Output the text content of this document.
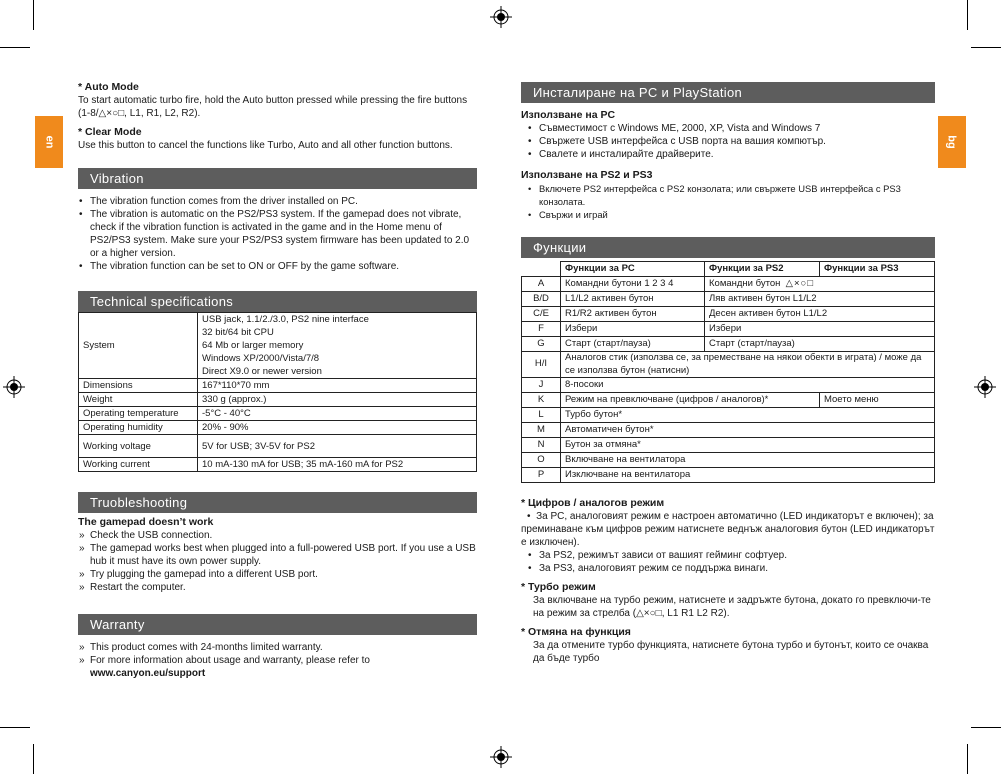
en	bg
* Auto Mode
To start automatic turbo fire, hold the Auto button pressed while pressing the fire buttons (1-8/△×○□, L1, R1, L2, R2).
* Clear Mode
Use this button to cancel the functions like Turbo, Auto and all other function buttons.
Vibration
• The vibration function comes from the driver installed on PC.
• The vibration is automatic on the PS2/PS3 system. If the gamepad does not vibrate, check if the vibration function is activated in the game and in the Home menu of PS2/PS3 system. Make sure your PS2/PS3 system firmware has been updated to 2.0 or a higher version.
• The vibration function can be set to ON or OFF by the game software.
Technical specifications
System	USB jack, 1.1/2./3.0, PS2 nine interface
32 bit/64 bit CPU
64 Mb or larger memory
Windows XP/2000/Vista/7/8
Direct X9.0 or newer version

Dimensions	167*110*70 mm
Weight	330 g (approx.)
Operating temperature	-5°C - 40°C
Operating humidity	20% - 90%
Working voltage	5V for USB; 3V-5V for PS2
Working current	10 mA-130 mA for USB; 35 mA-160 mA for PS2
Truobleshooting
The gamepad doesn’t work
» Check the USB connection.
» The gamepad works best when plugged into a full-powered USB port. If you use a USB hub it must have its own power supply.
» Try plugging the gamepad into a different USB port.
» Restart the computer.
Warranty
» This product comes with 24-months limited warranty.
» For more information about usage and warranty, please refer to
www.canyon.eu/support
Инсталиране на PC и PlayStation
Използване на PC
• Съвместимост с Windows ME, 2000, XP, Vista and Windows 7
• Свържете USB интерфейса с USB порта на вашия компютър.
• Свалете и инсталирайте драйверите.
Използване на PS2 и PS3
• Включете PS2 интерфейса с PS2 конзолата; или свържете USB интерфейса с PS3 конзолата.
• Свържи и играй
Функции
	Функции за PC	Функции за PS2	Функции за PS3
A	Командни бутони 1 2 3 4	Командни бутон △×○□	
B/D	L1/L2 активен бутон	Ляв активен бутон L1/L2	
C/E	R1/R2 активен бутон	Десен активен бутон L1/L2	
F	Избери	Избери	
G	Старт (старт/пауза)	Старт (старт/пауза)	
H/I	Аналогов стик (използва се, за преместване на някои обекти в играта) / може да се използва бутон (натисни)		
J	8-посоки		
K	Режим на превключване (цифров / аналогов)*		Моето меню
L	Турбо бутон*		
M	Автоматичен бутон*		
N	Бутон за отмяна*		
O	Включване на вентилатора		
P	Изключване на вентилатора		
* Цифров / аналогов режим
•  За PC, аналоговият режим е настроен автоматично (LED индикаторът е включен); за преминаване към цифров режим натиснете веднъж аналоговия бутон (LED индикаторът е изключен).
• За PS2, режимът зависи от вашият гейминг софтуер.
• За PS3, аналоговият режим се поддържа винаги.
* Турбо режим
За включване на турбо режим, натиснете и задръжте бутона, докато го превключи-те на режим за стрелба (△×○□, L1 R1 L2 R2).
* Отмяна на функция
За да отмените турбо функцията, натиснете бутона турбо и бутонът, които се очаква да бъде турбо
